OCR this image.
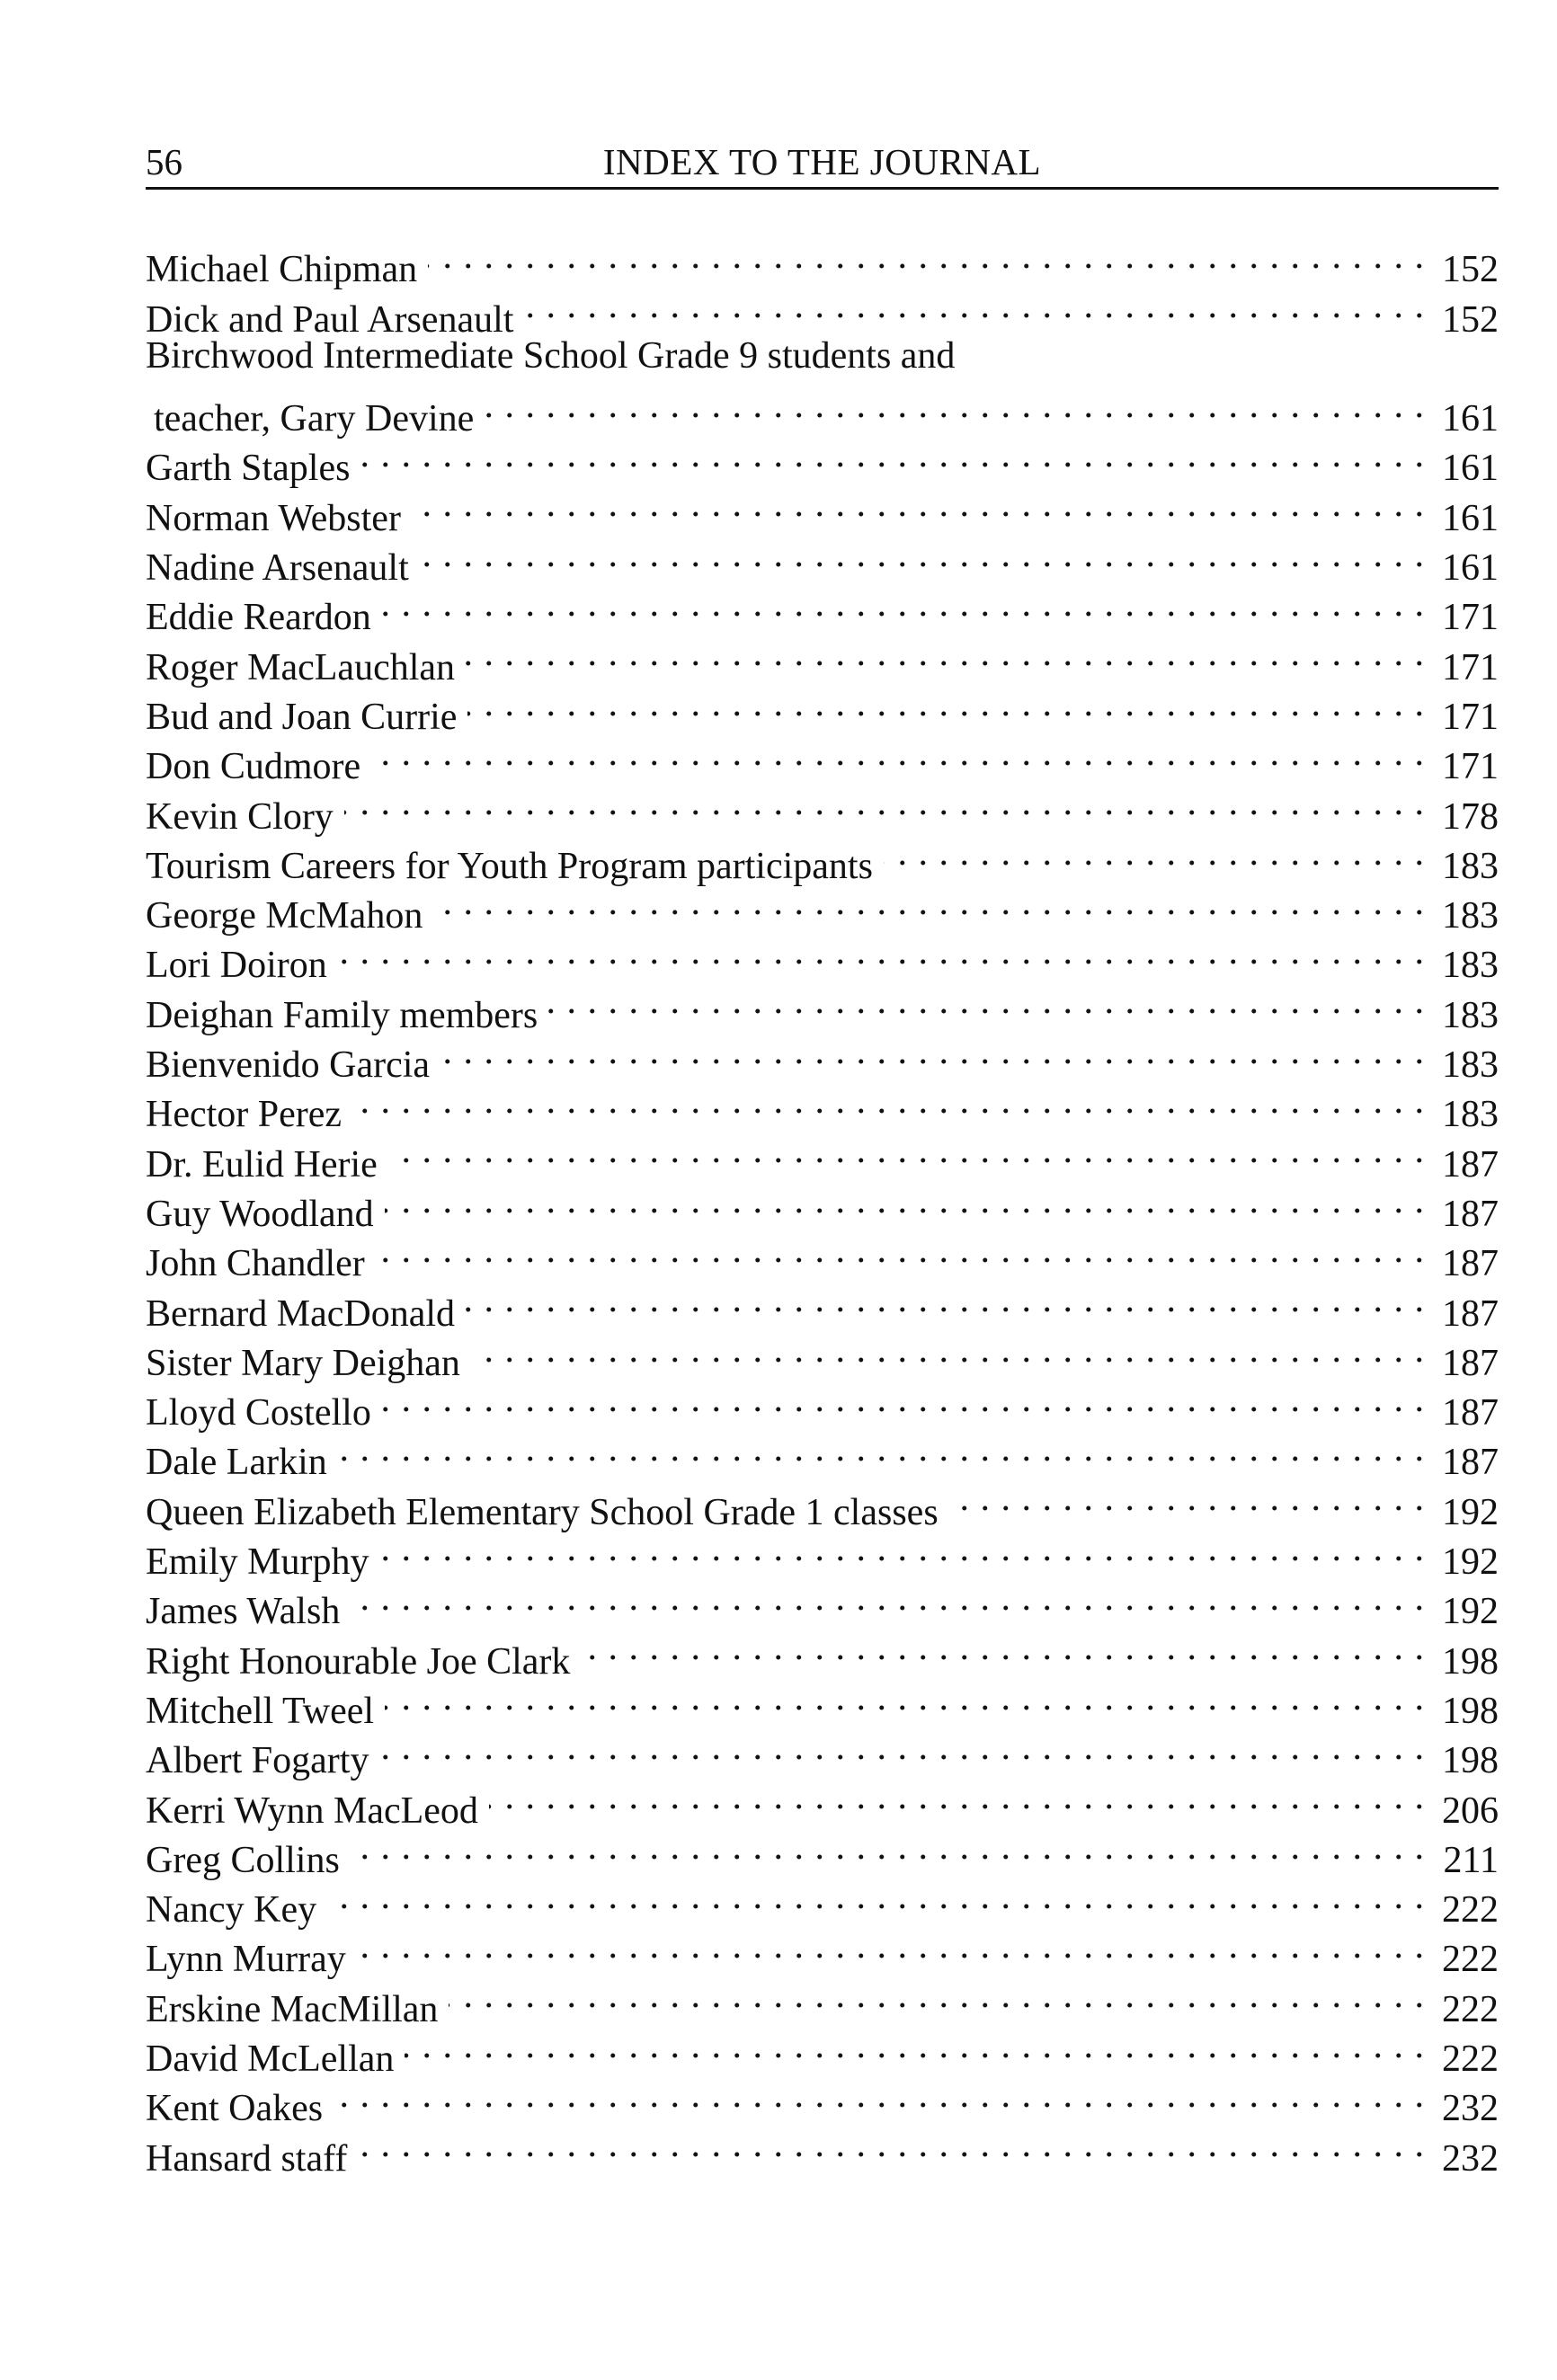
56	INDEX TO THE JOURNAL
Michael Chipman . . .	152
Dick and Paul Arsenault . . .	152
Birchwood Intermediate School Grade 9 students and
teacher, Gary Devine . . .	161
Garth Staples . . .	161
Norman Webster . . .	161
Nadine Arsenault . . .	161
Eddie Reardon . . .	171
Roger MacLauchlan . . .	171
Bud and Joan Currie . . .	171
Don Cudmore . . .	171
Kevin Clory . . .	178
Tourism Careers for Youth Program participants . . .	183
George McMahon . . .	183
Lori Doiron . . .	183
Deighan Family members . . .	183
Bienvenido Garcia . . .	183
Hector Perez . . .	183
Dr. Eulid Herie . . .	187
Guy Woodland . . .	187
John Chandler . . .	187
Bernard MacDonald . . .	187
Sister Mary Deighan . . .	187
Lloyd Costello . . .	187
Dale Larkin . . .	187
Queen Elizabeth Elementary School Grade 1 classes . . .	192
Emily Murphy . . .	192
James Walsh . . .	192
Right Honourable Joe Clark . . .	198
Mitchell Tweel . . .	198
Albert Fogarty . . .	198
Kerri Wynn MacLeod . . .	206
Greg Collins . . .	211
Nancy Key . . .	222
Lynn Murray . . .	222
Erskine MacMillan . . .	222
David McLellan . . .	222
Kent Oakes . . .	232
Hansard staff . . .	232
